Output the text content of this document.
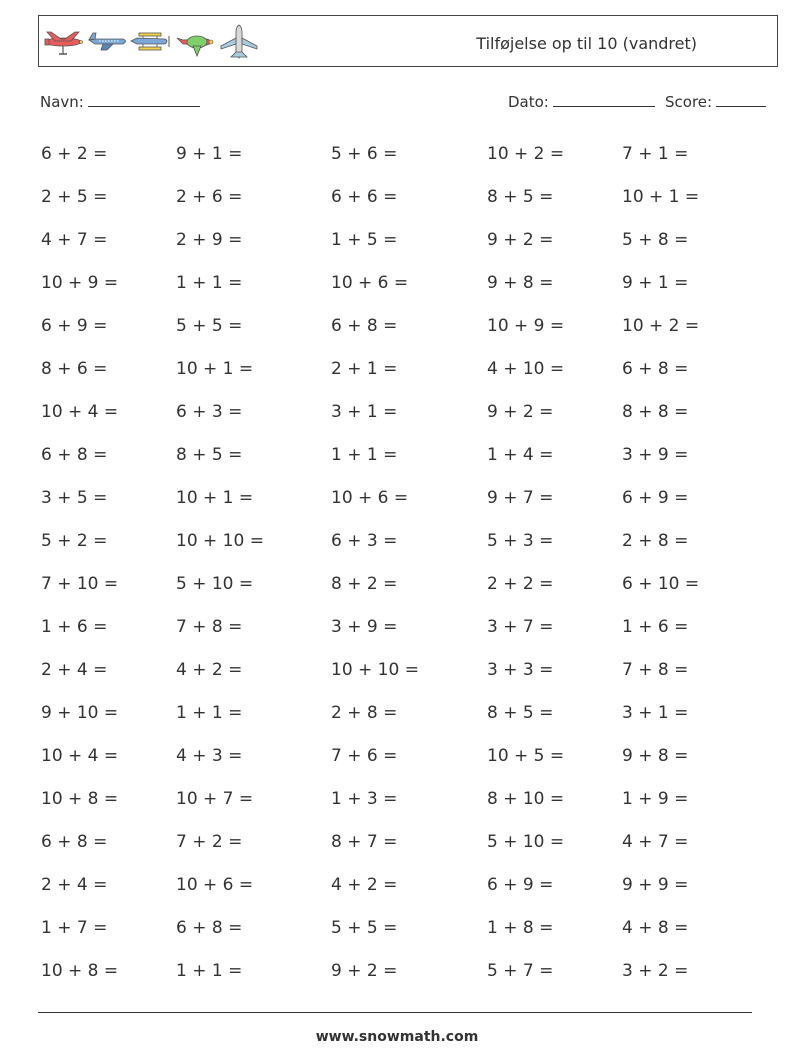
Tilføjelse op til 10 (vandret)
Navn:	Dato:	Score:
6 + 2 =	9 + 1 =	5 + 6 =	10 + 2 =	7 + 1 =
2 + 5 =	2 + 6 =	6 + 6 =	8 + 5 =	10 + 1 =
4 + 7 =	2 + 9 =	1 + 5 =	9 + 2 =	5 + 8 =
10 + 9 =	1 + 1 =	10 + 6 =	9 + 8 =	9 + 1 =
6 + 9 =	5 + 5 =	6 + 8 =	10 + 9 =	10 + 2 =
8 + 6 =	10 + 1 =	2 + 1 =	4 + 10 =	6 + 8 =
10 + 4 =	6 + 3 =	3 + 1 =	9 + 2 =	8 + 8 =
6 + 8 =	8 + 5 =	1 + 1 =	1 + 4 =	3 + 9 =
3 + 5 =	10 + 1 =	10 + 6 =	9 + 7 =	6 + 9 =
5 + 2 =	10 + 10 =	6 + 3 =	5 + 3 =	2 + 8 =
7 + 10 =	5 + 10 =	8 + 2 =	2 + 2 =	6 + 10 =
1 + 6 =	7 + 8 =	3 + 9 =	3 + 7 =	1 + 6 =
2 + 4 =	4 + 2 =	10 + 10 =	3 + 3 =	7 + 8 =
9 + 10 =	1 + 1 =	2 + 8 =	8 + 5 =	3 + 1 =
10 + 4 =	4 + 3 =	7 + 6 =	10 + 5 =	9 + 8 =
10 + 8 =	10 + 7 =	1 + 3 =	8 + 10 =	1 + 9 =
6 + 8 =	7 + 2 =	8 + 7 =	5 + 10 =	4 + 7 =
2 + 4 =	10 + 6 =	4 + 2 =	6 + 9 =	9 + 9 =
1 + 7 =	6 + 8 =	5 + 5 =	1 + 8 =	4 + 8 =
10 + 8 =	1 + 1 =	9 + 2 =	5 + 7 =	3 + 2 =
www.snowmath.com
